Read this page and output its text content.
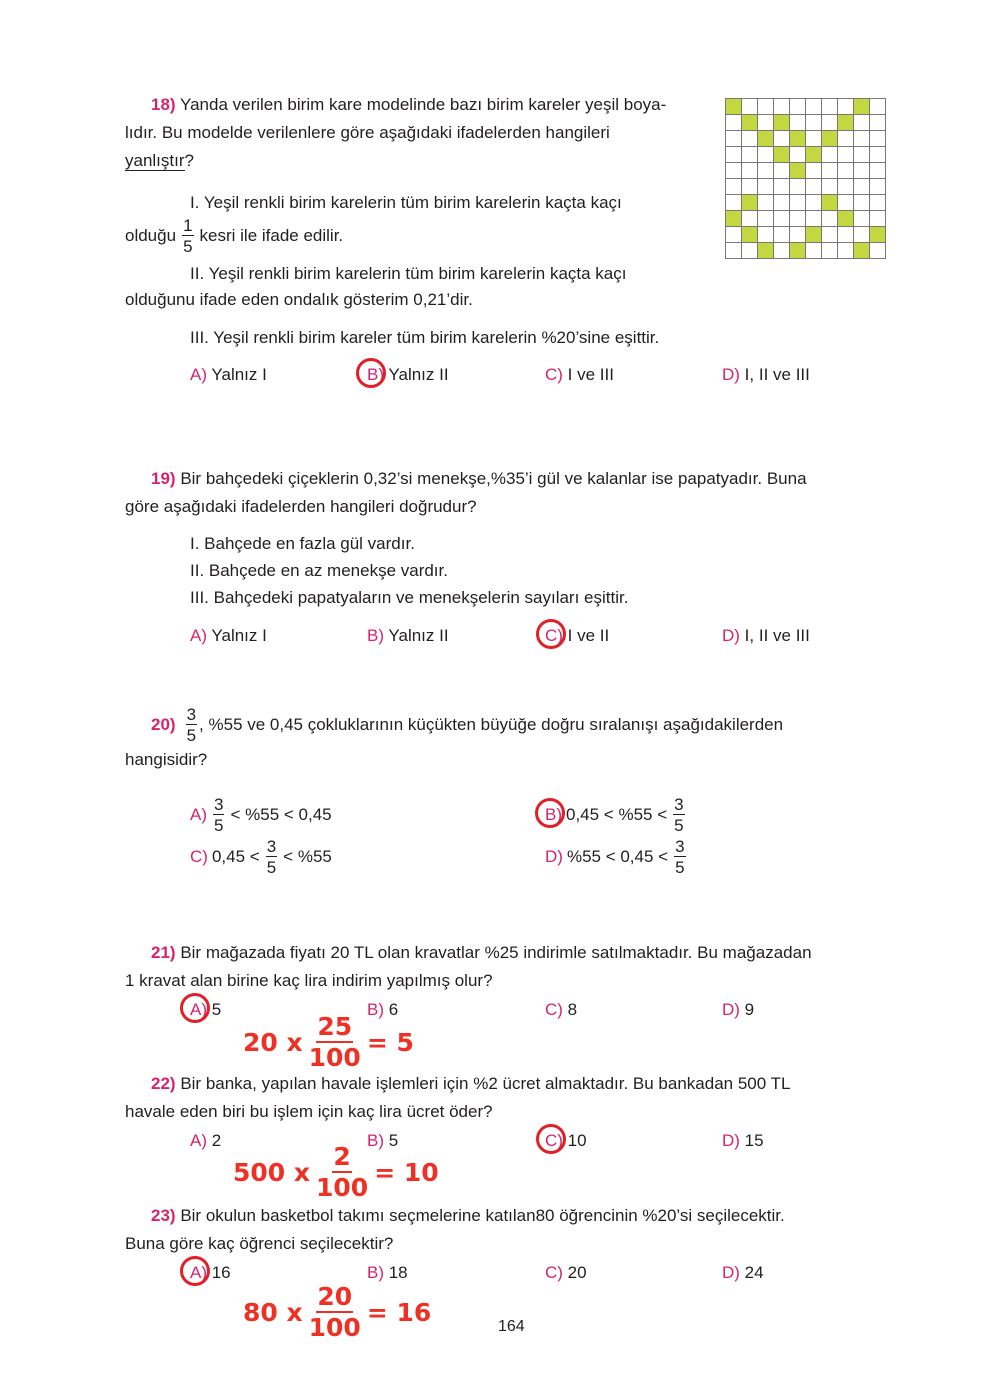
18) Yanda verilen birim kare modelinde bazı birim kareler yeşil boya-
lıdır. Bu modelde verilenlere göre aşağıdaki ifadelerden hangileri
yanlıştır?
I. Yeşil renkli birim karelerin tüm birim karelerin kaçta kaçı
olduğu $\frac{1}{5}$ kesri ile ifade edilir.
II. Yeşil renkli birim karelerin tüm birim karelerin kaçta kaçı
olduğunu ifade eden ondalık gösterim 0,21’dir.
III. Yeşil renkli birim kareler tüm birim karelerin %20’sine eşittir.
A) Yalnız I	B) Yalnız II	C) I ve III	D) I, II ve III
19) Bir bahçedeki çiçeklerin 0,32’si menekşe,%35’i gül ve kalanlar ise papatyadır. Buna
göre aşağıdaki ifadelerden hangileri doğrudur?
I. Bahçede en fazla gül vardır.
II. Bahçede en az menekşe vardır.
III. Bahçedeki papatyaların ve menekşelerin sayıları eşittir.
A) Yalnız I	B) Yalnız II	C) I ve II	D) I, II ve III
$20) \frac{3}{5}$ , %55 ve 0,45 çokluklarının küçükten büyüğe doğru sıralanışı aşağıdakilerden
hangisidir?
$A) \frac{3}{5} < \%55 < 0,45$	B) $0,45 < \%55 < \frac{3}{5}$
C) $0,45 < \frac{3}{5} < \%55$	D) $\%55 < 0,45 < \frac{3}{5}$
21) Bir mağazada fiyatı 20 TL olan kravatlar %25 indirimle satılmaktadır. Bu mağazadan
1 kravat alan birine kaç lira indirim yapılmış olur?
A) 5	B) 6	C) 8	D) 9
20 x $\frac{25}{100} = 5$
22) Bir banka, yapılan havale işlemleri için %2 ücret almaktadır. Bu bankadan 500 TL
havale eden biri bu işlem için kaç lira ücret öder?
A) 2	B) 5	C) 10	D) 15
500 x $\frac{2}{100} = 10$
23) Bir okulun basketbol takımı seçmelerine katılan80 öğrencinin %20’si seçilecektir.
Buna göre kaç öğrenci seçilecektir?
A) 16	B) 18	C) 20	D) 24
80 x $\frac{20}{100} = 16$	164
